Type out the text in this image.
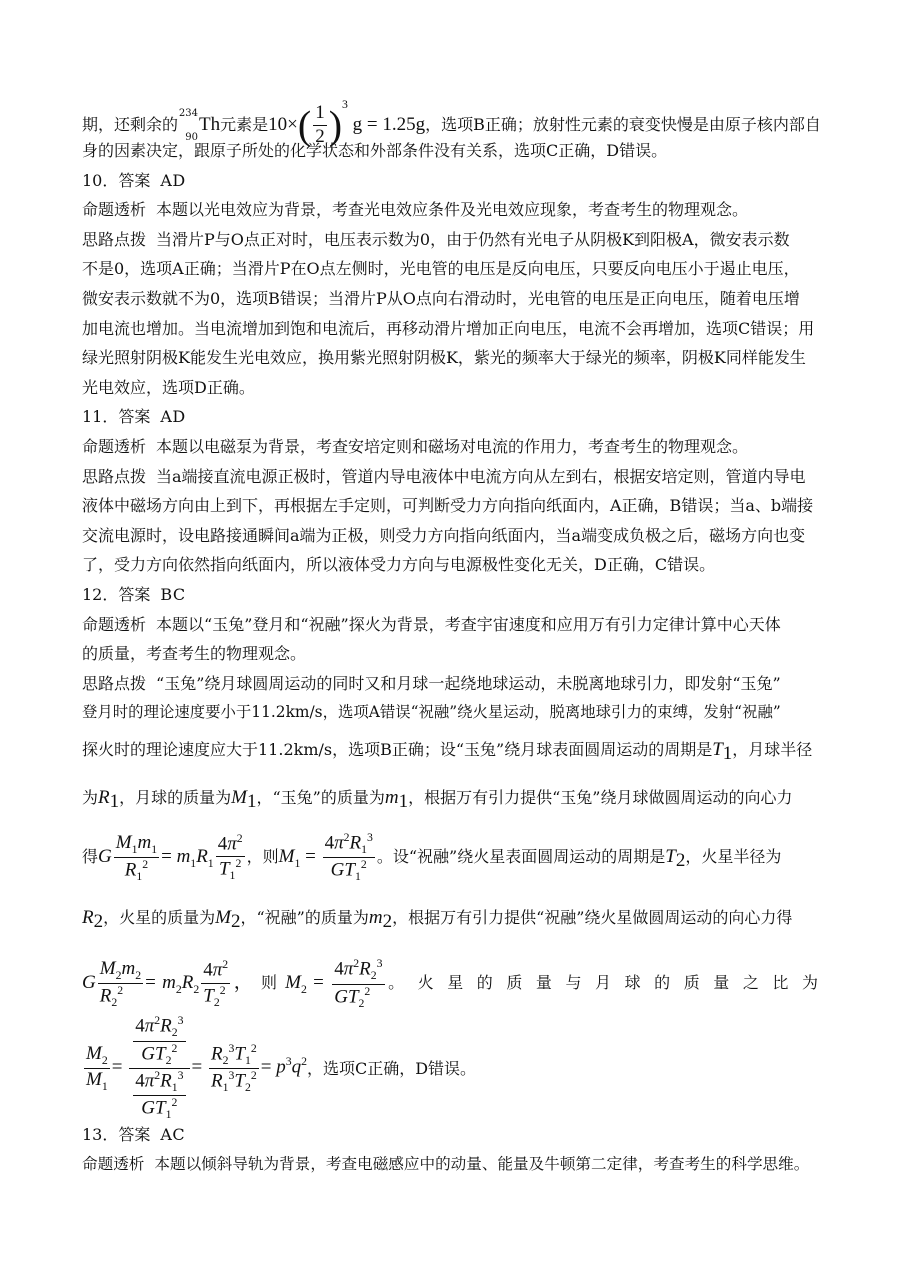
期，还剩余的
234
90
Th元素是$10\times( \frac{1}{2} )^3$ g = 1.25g，选项B正确；放射性元素的衰变快慢是由原子核内部自

身的因素决定，跟原子所处的化学状态和外部条件没有关系，选项C正确，D错误。

10．答案 AD

命题透析 本题以光电效应为背景，考查光电效应条件及光电效应现象，考查考生的物理观念。

思路点拨 当滑片P与O点正对时，电压表示数为0，由于仍然有光电子从阴极K到阳极A，微安表示数

不是0，选项A正确；当滑片P在O点左侧时，光电管的电压是反向电压，只要反向电压小于遏止电压，

微安表示数就不为0，选项B错误；当滑片P从O点向右滑动时，光电管的电压是正向电压，随着电压增

加电流也增加。当电流增加到饱和电流后，再移动滑片增加正向电压，电流不会再增加，选项C错误；用

绿光照射阴极K能发生光电效应，换用紫光照射阴极K，紫光的频率大于绿光的频率，阴极K同样能发生

光电效应，选项D正确。

11．答案 AD

命题透析 本题以电磁泵为背景，考查安培定则和磁场对电流的作用力，考查考生的物理观念。

思路点拨 当a端接直流电源正极时，管道内导电液体中电流方向从左到右，根据安培定则，管道内导电

液体中磁场方向由上到下，再根据左手定则，可判断受力方向指向纸面内，A正确，B错误；当a、b端接

交流电源时，设电路接通瞬间a端为正极，则受力方向指向纸面内，当a端变成负极之后，磁场方向也变

了，受力方向依然指向纸面内，所以液体受力方向与电源极性变化无关，D正确，C错误。

12．答案 BC

命题透析 本题以“玉兔”登月和“祝融”探火为背景，考查宇宙速度和应用万有引力定律计算中心天体

的质量，考查考生的物理观念。

思路点拨 “玉兔”绕月球圆周运动的同时又和月球一起绕地球运动，未脱离地球引力，即发射“玉兔”

登月时的理论速度要小于11.2km/s，选项A错误“祝融”绕火星运动，脱离地球引力的束缚，发射“祝融”

探火时的理论速度应大于11.2km/s，选项B正确；设“玉兔”绕月球表面圆周运动的周期是$T_1$，月球半径

为$R_1$，月球的质量为$M_1$，“玉兔”的质量为$m_1$，根据万有引力提供“玉兔”绕月球做圆周运动的向心力

得G $\frac{M_1m_1}{R_1^2} = m_1R_1 \frac{4\pi^2}{T_1^2}$ ，则$M_1 = \frac{4\pi^2R_1^3}{GT_1^2}$ 。设“祝融”绕火星表面圆周运动的周期是$T_2$，火星半径为

$R_2$，火星的质量为$M_2$，“祝融”的质量为$m_2$，根据万有引力提供“祝融”绕火星做圆周运动的向心力得

G $\frac{M_2m_2}{R_2^2} = m_2R_2 \frac{4\pi^2}{T_2^2}$ ， 则 $M_2 = \frac{4\pi^2R_2^3}{GT_2^2}$ 。火星的质量与月球的质量之比为

$\frac{M_2}{M_1} = \frac{\frac{4\pi^2R_2^3}{GT_2^2}}{\frac{4\pi^2R_1^3}{GT_1^2}} = \frac{R_2^3T_1^2}{R_1^3T_2^2} = p^3q^2$ ，选项C正确，D错误。

13．答案 AC

命题透析 本题以倾斜导轨为背景，考查电磁感应中的动量、能量及牛顿第二定律，考查考生的科学思维。
